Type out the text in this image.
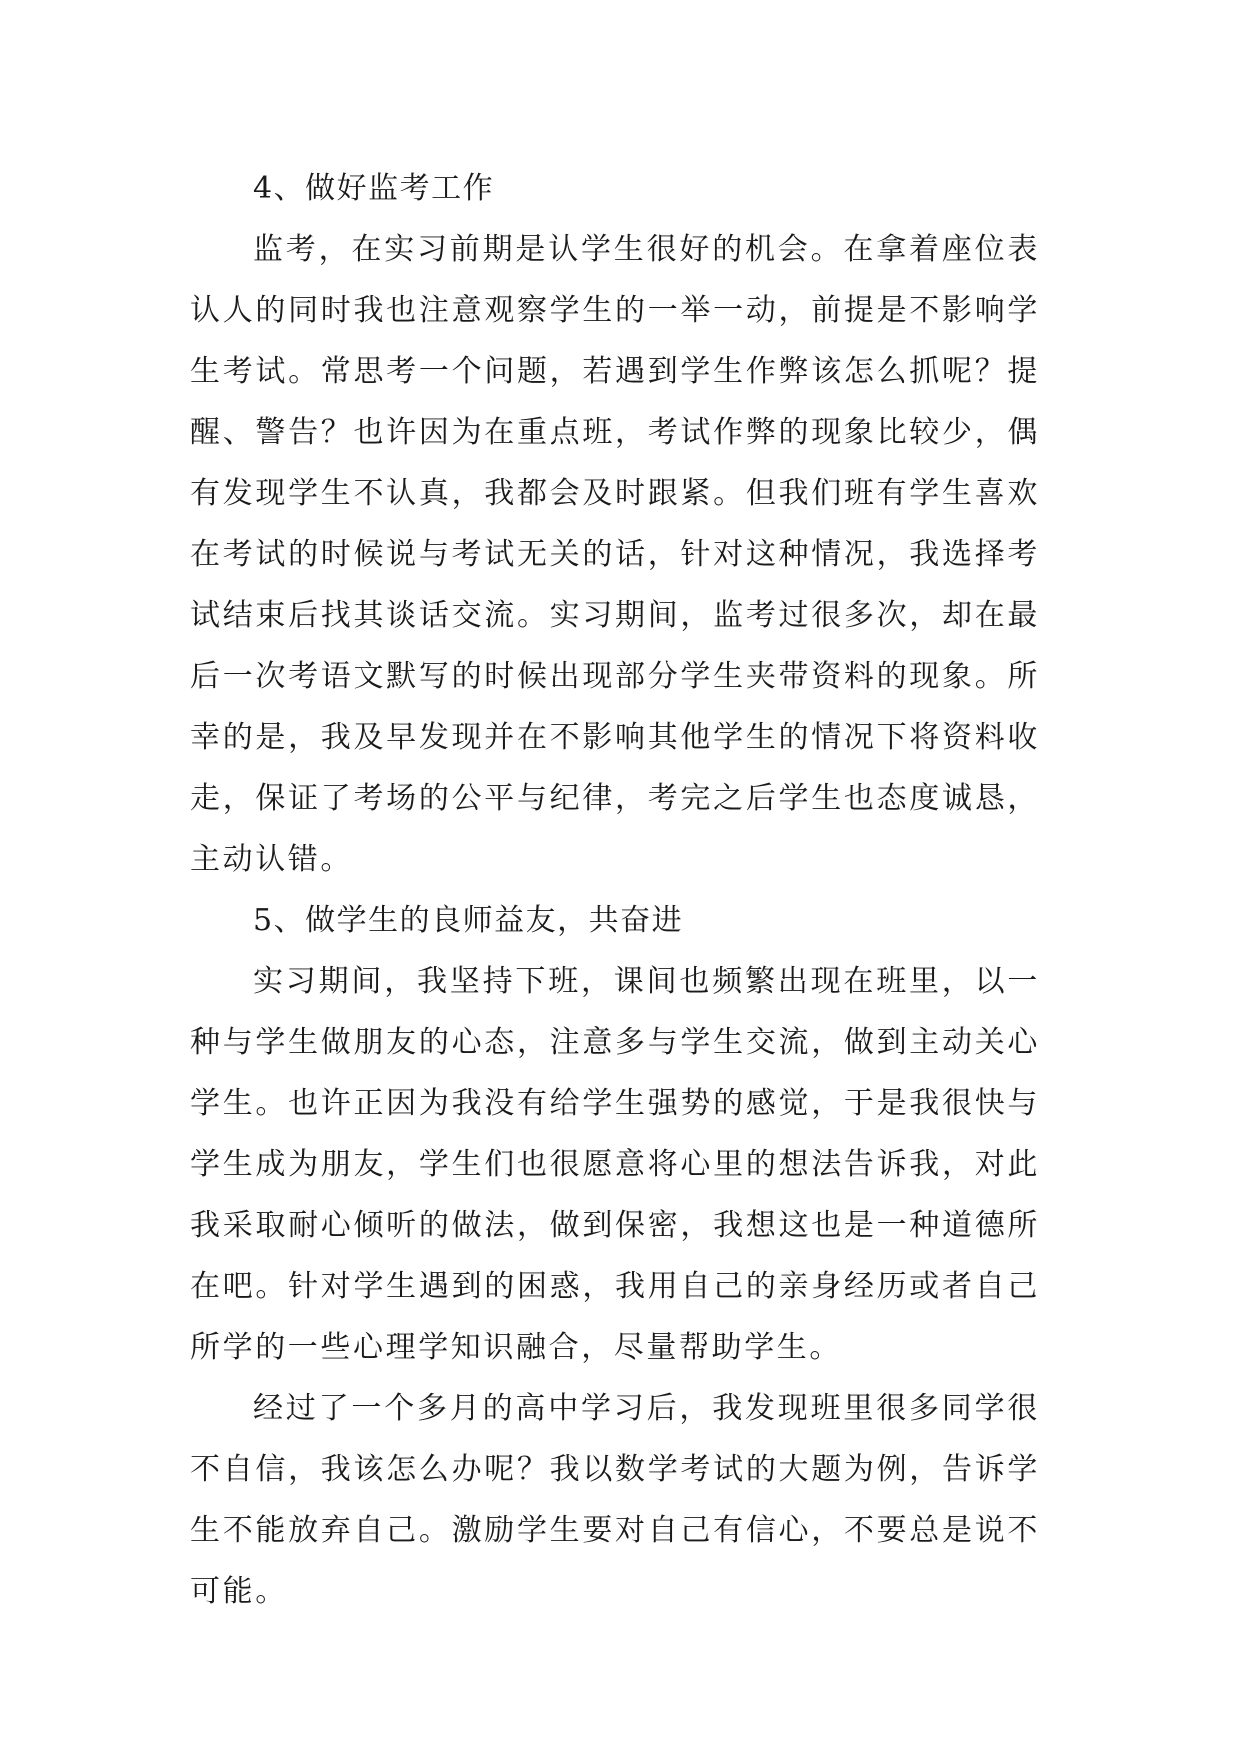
4、做好监考工作

监考，在实习前期是认学生很好的机会。在拿着座位表认人的同时我也注意观察学生的一举一动，前提是不影响学生考试。常思考一个问题，若遇到学生作弊该怎么抓呢？提醒、警告？也许因为在重点班，考试作弊的现象比较少，偶有发现学生不认真，我都会及时跟紧。但我们班有学生喜欢在考试的时候说与考试无关的话，针对这种情况，我选择考试结束后找其谈话交流。实习期间，监考过很多次，却在最后一次考语文默写的时候出现部分学生夹带资料的现象。所幸的是，我及早发现并在不影响其他学生的情况下将资料收走，保证了考场的公平与纪律，考完之后学生也态度诚恳，主动认错。

5、做学生的良师益友，共奋进

实习期间，我坚持下班，课间也频繁出现在班里，以一种与学生做朋友的心态，注意多与学生交流，做到主动关心学生。也许正因为我没有给学生强势的感觉，于是我很快与学生成为朋友，学生们也很愿意将心里的想法告诉我，对此我采取耐心倾听的做法，做到保密，我想这也是一种道德所在吧。针对学生遇到的困惑，我用自己的亲身经历或者自己所学的一些心理学知识融合，尽量帮助学生。

经过了一个多月的高中学习后，我发现班里很多同学很不自信，我该怎么办呢？我以数学考试的大题为例，告诉学生不能放弃自己。激励学生要对自己有信心，不要总是说不可能。
